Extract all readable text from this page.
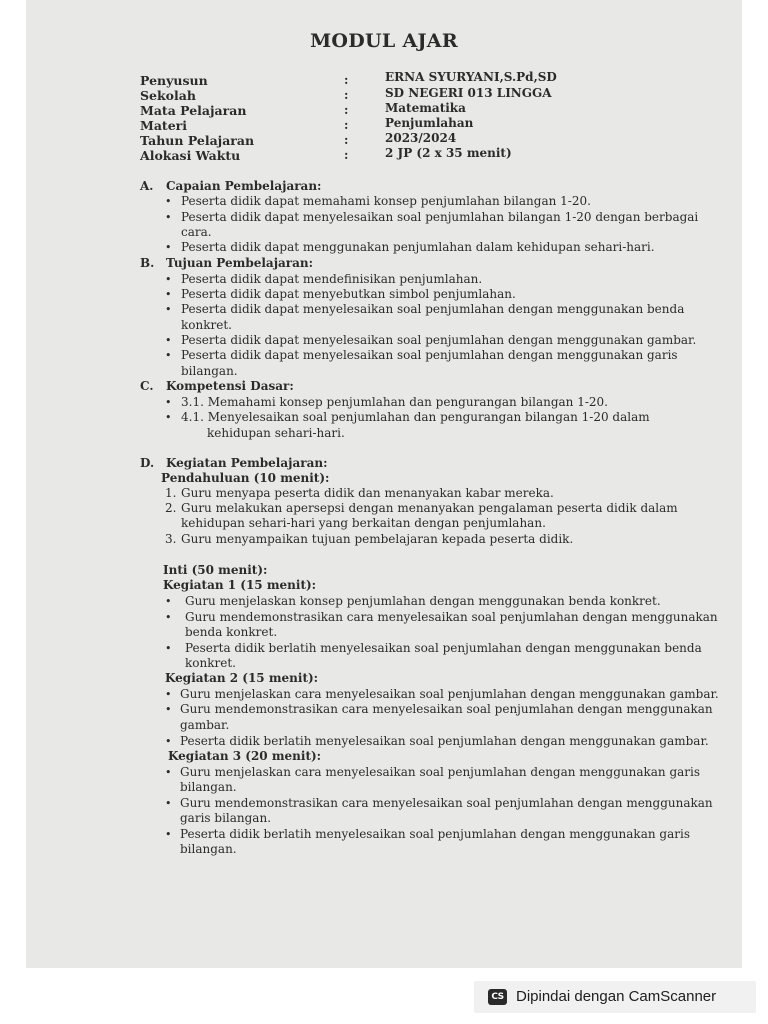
MODUL AJAR
Penyusun	:	ERNA SYURYANI,S.Pd,SD
Sekolah	:	SD NEGERI 013 LINGGA
Mata Pelajaran	:	Matematika
Materi	:	Penjumlahan
Tahun Pelajaran	:	2023/2024
Alokasi Waktu	:	2 JP (2 x 35 menit)
A. Capaian Pembelajaran:
• Peserta didik dapat memahami konsep penjumlahan bilangan 1-20.
• Peserta didik dapat menyelesaikan soal penjumlahan bilangan 1-20 dengan berbagai
cara.
• Peserta didik dapat menggunakan penjumlahan dalam kehidupan sehari-hari.
B. Tujuan Pembelajaran:
• Peserta didik dapat mendefinisikan penjumlahan.
• Peserta didik dapat menyebutkan simbol penjumlahan.
• Peserta didik dapat menyelesaikan soal penjumlahan dengan menggunakan benda
konkret.
• Peserta didik dapat menyelesaikan soal penjumlahan dengan menggunakan gambar.
• Peserta didik dapat menyelesaikan soal penjumlahan dengan menggunakan garis
bilangan.
C. Kompetensi Dasar:
• 3.1. Memahami konsep penjumlahan dan pengurangan bilangan 1-20.
• 4.1. Menyelesaikan soal penjumlahan dan pengurangan bilangan 1-20 dalam
kehidupan sehari-hari.
D. Kegiatan Pembelajaran:
Pendahuluan (10 menit):
1. Guru menyapa peserta didik dan menanyakan kabar mereka.
2. Guru melakukan apersepsi dengan menanyakan pengalaman peserta didik dalam
kehidupan sehari-hari yang berkaitan dengan penjumlahan.
3. Guru menyampaikan tujuan pembelajaran kepada peserta didik.
Inti (50 menit):
Kegiatan 1 (15 menit):
• Guru menjelaskan konsep penjumlahan dengan menggunakan benda konkret.
• Guru mendemonstrasikan cara menyelesaikan soal penjumlahan dengan menggunakan
benda konkret.
• Peserta didik berlatih menyelesaikan soal penjumlahan dengan menggunakan benda
konkret.
Kegiatan 2 (15 menit):
• Guru menjelaskan cara menyelesaikan soal penjumlahan dengan menggunakan gambar.
• Guru mendemonstrasikan cara menyelesaikan soal penjumlahan dengan menggunakan
gambar.
• Peserta didik berlatih menyelesaikan soal penjumlahan dengan menggunakan gambar.
Kegiatan 3 (20 menit):
• Guru menjelaskan cara menyelesaikan soal penjumlahan dengan menggunakan garis
bilangan.
• Guru mendemonstrasikan cara menyelesaikan soal penjumlahan dengan menggunakan
garis bilangan.
• Peserta didik berlatih menyelesaikan soal penjumlahan dengan menggunakan garis
bilangan.
CS Dipindai dengan CamScanner
